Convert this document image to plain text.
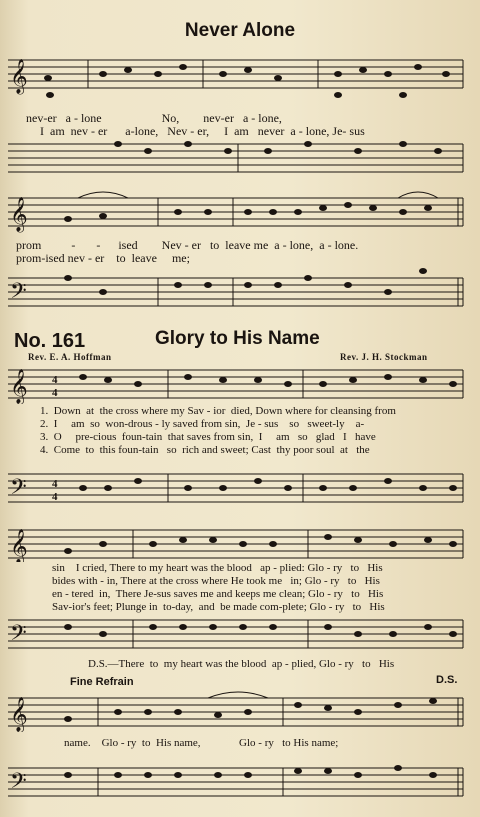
Never Alone
𝄞
nev-er   a - lone                    No,        nev-er   a - lone,
I  am  nev - er      a-lone,   Nev - er,     I  am   never  a - lone, Je- sus
𝄞
prom          -       -      ised        Nev - er   to  leave me  a - lone,  a - lone.
prom-ised nev - er    to  leave     me;
𝄢
No. 161	Glory to His Name
Rev. E. A. Hoffman	Rev. J. H. Stockman
𝄞 4
4
1.  Down  at  the cross where my Sav - ior  died, Down where for cleansing from
2.  I     am  so  won-drous - ly saved from sin,  Je - sus    so   sweet-ly    a-
3.  O     pre-cious  foun-tain  that saves from sin,  I     am   so   glad   I   have
4.  Come  to  this foun-tain   so  rich and sweet; Cast  thy poor soul  at   the
𝄢 4
4
𝄞
sin    I cried, There to my heart was the blood   ap - plied: Glo - ry   to   His
bides with - in, There at the cross where He took me   in; Glo - ry   to   His
en - tered  in,  There Je-sus saves me and keeps me clean; Glo - ry   to   His
Sav-ior's feet; Plunge in  to-day,  and  be made com-plete; Glo - ry   to   His
𝄢
D.S.—There  to  my heart was the blood  ap - plied, Glo - ry   to   His
Fine Refrain	D.S.
𝄞
name.    Glo - ry  to  His name,              Glo - ry   to His name;
𝄢
